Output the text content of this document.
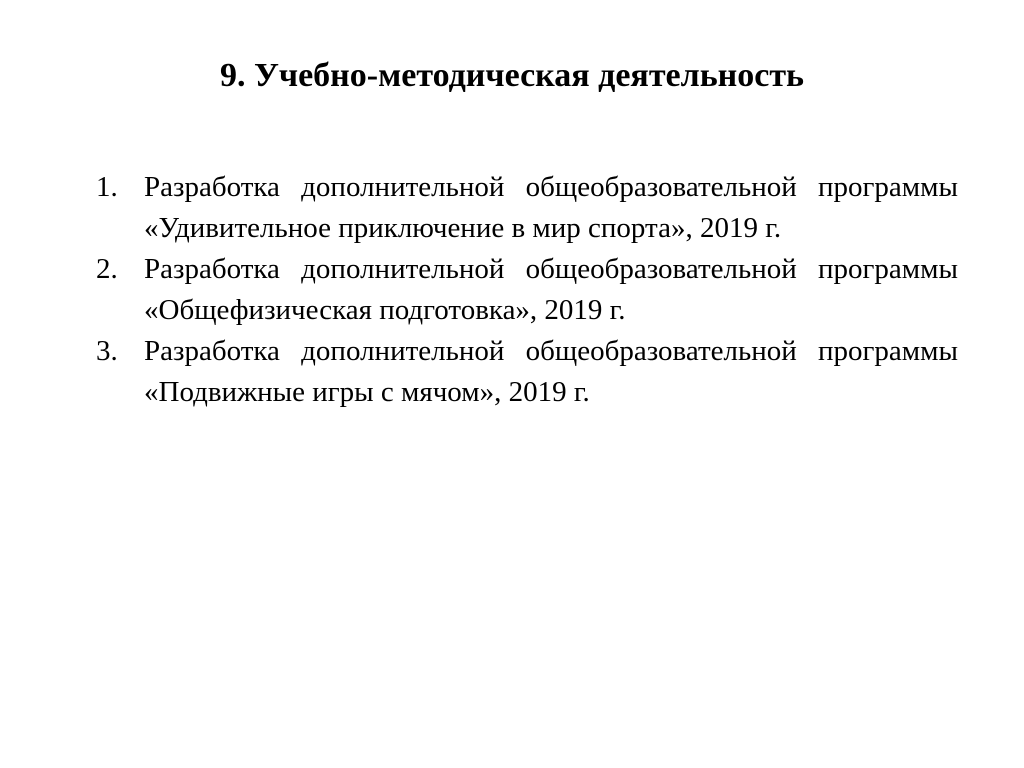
9. Учебно-методическая деятельность
1. Разработка дополнительной общеобразовательной программы «Удивительное приключение в мир спорта», 2019 г.
2. Разработка дополнительной общеобразовательной программы «Общефизическая подготовка», 2019 г.
3. Разработка дополнительной общеобразовательной программы «Подвижные игры с мячом», 2019 г.
